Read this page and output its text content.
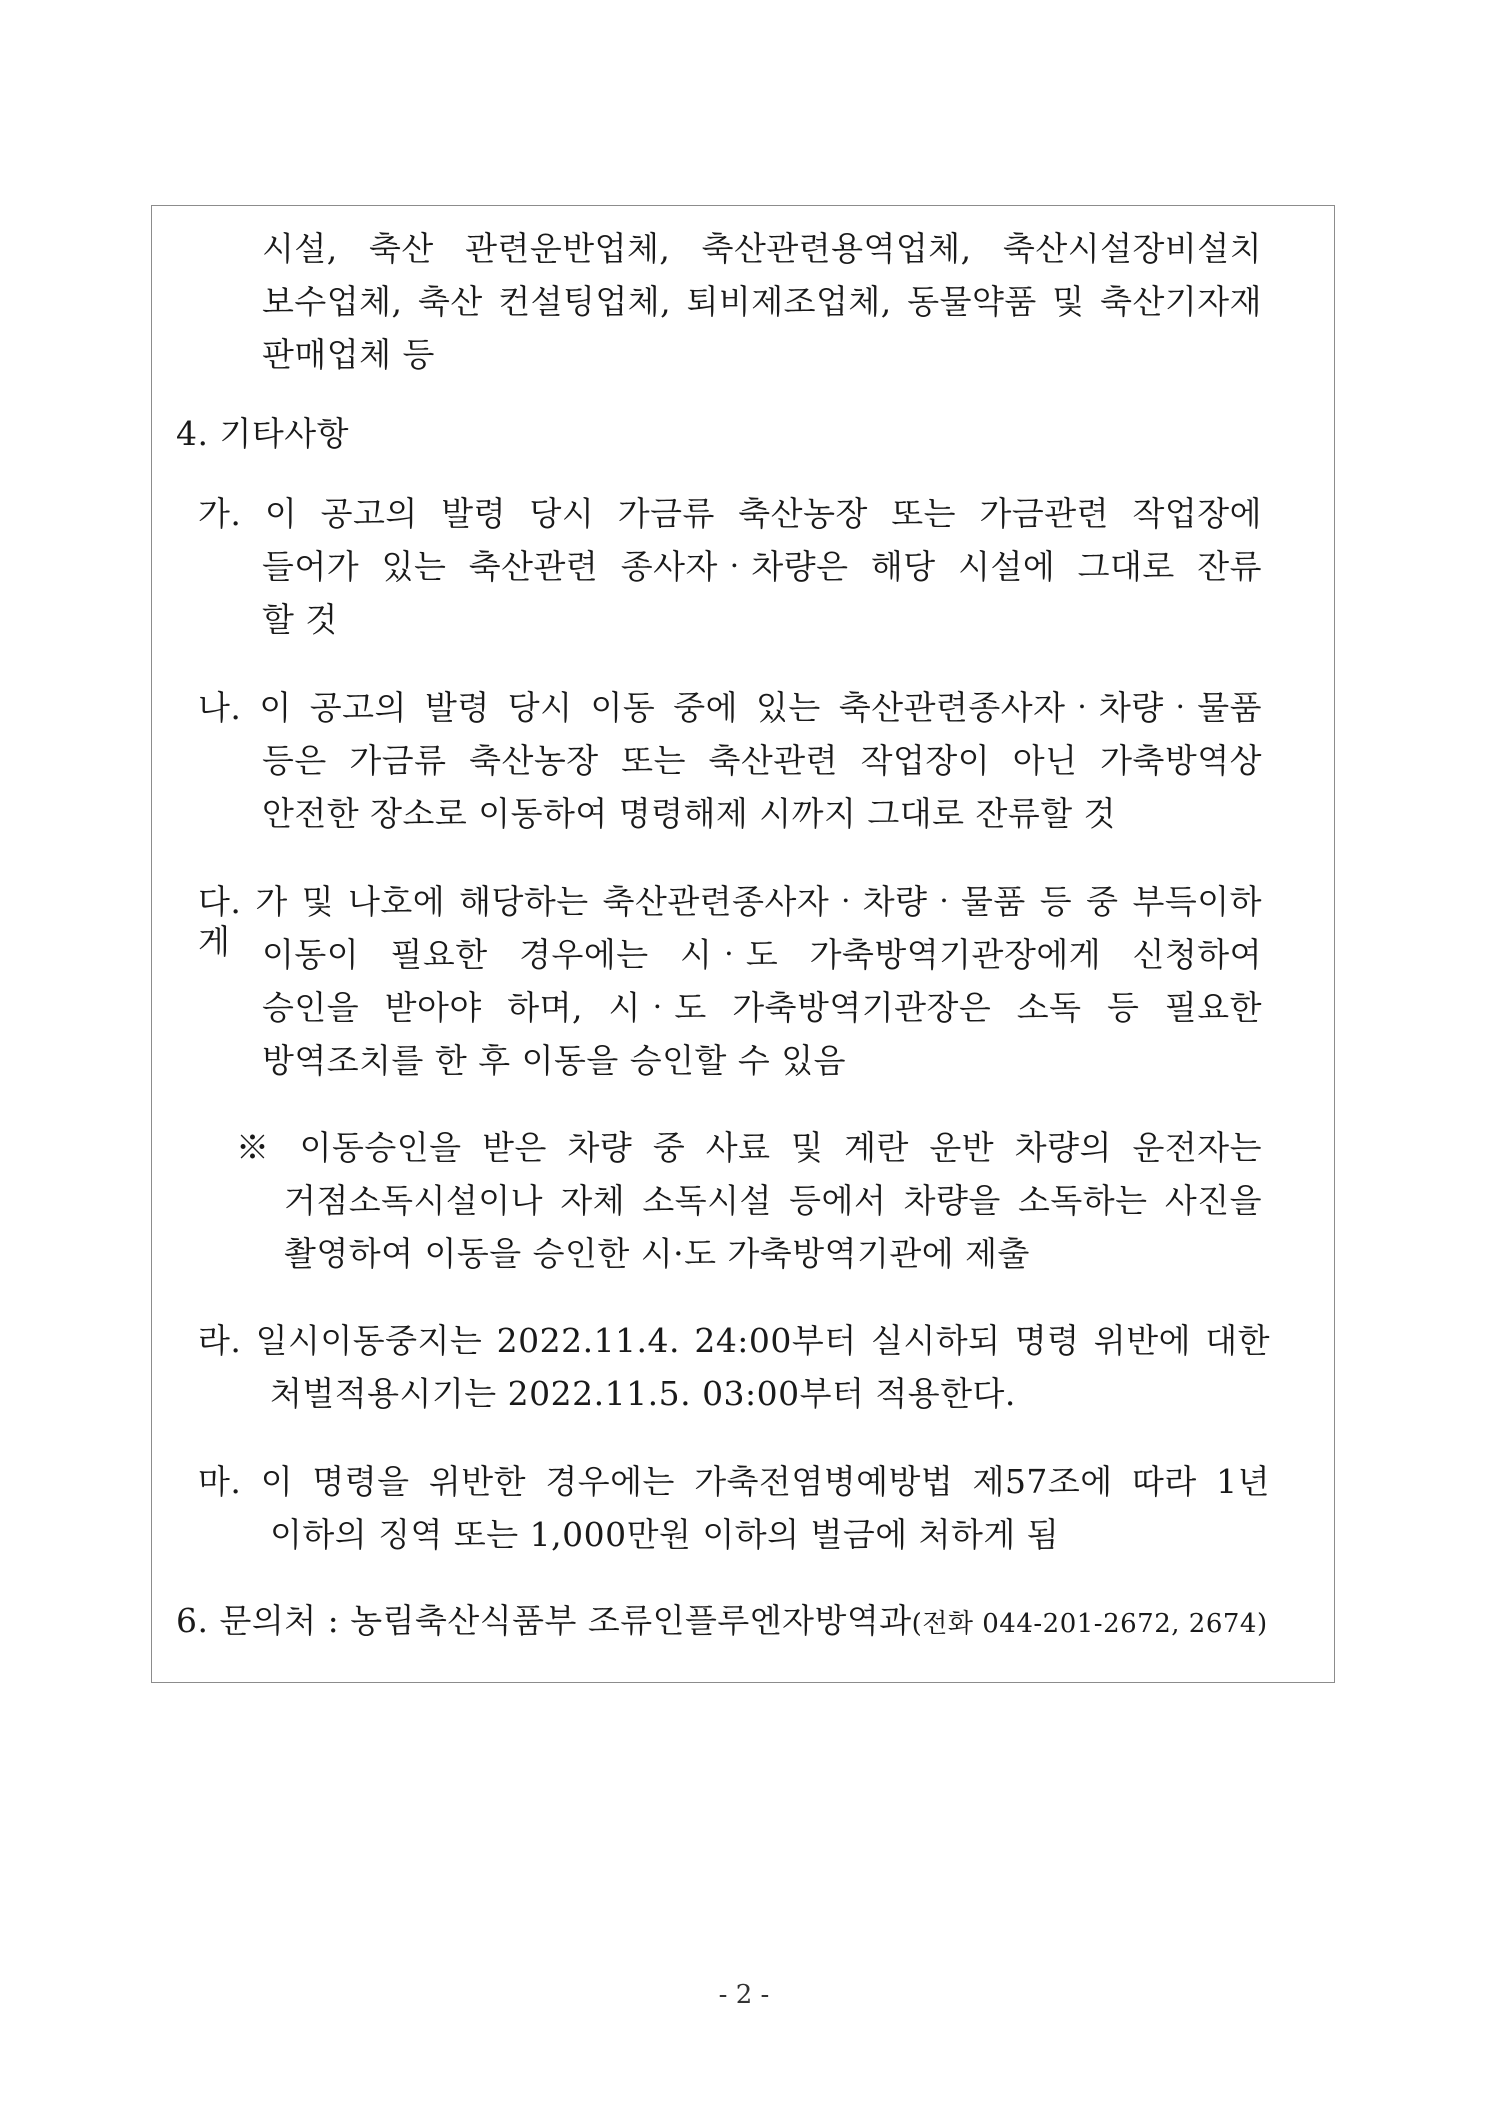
시설, 축산 관련운반업체, 축산관련용역업체, 축산시설장비설치
보수업체, 축산 컨설팅업체, 퇴비제조업체, 동물약품 및 축산기자재
판매업체 등
4. 기타사항
가. 이 공고의 발령 당시 가금류 축산농장 또는 가금관련 작업장에
들어가 있는 축산관련 종사자‧차량은 해당 시설에 그대로 잔류
할 것
나. 이 공고의 발령 당시 이동 중에 있는 축산관련종사자‧차량‧물품
등은 가금류 축산농장 또는 축산관련 작업장이 아닌 가축방역상
안전한 장소로 이동하여 명령해제 시까지 그대로 잔류할 것
다. 가 및 나호에 해당하는 축산관련종사자‧차량‧물품 등 중 부득이하게 이동이 필요한 경우에는 시‧도 가축방역기관장에게 신청하여
승인을 받아야 하며, 시‧도 가축방역기관장은 소독 등 필요한
방역조치를 한 후 이동을 승인할 수 있음
※ 이동승인을 받은 차량 중 사료 및 계란 운반 차량의 운전자는
거점소독시설이나 자체 소독시설 등에서 차량을 소독하는 사진을
촬영하여 이동을 승인한 시·도 가축방역기관에 제출
라. 일시이동중지는 2022.11.4. 24:00부터 실시하되 명령 위반에 대한
처벌적용시기는 2022.11.5. 03:00부터 적용한다.
마. 이 명령을 위반한 경우에는 가축전염병예방법 제57조에 따라 1년
이하의 징역 또는 1,000만원 이하의 벌금에 처하게 됨
6. 문의처 : 농림축산식품부 조류인플루엔자방역과(전화 044-201-2672, 2674)
- 2 -
